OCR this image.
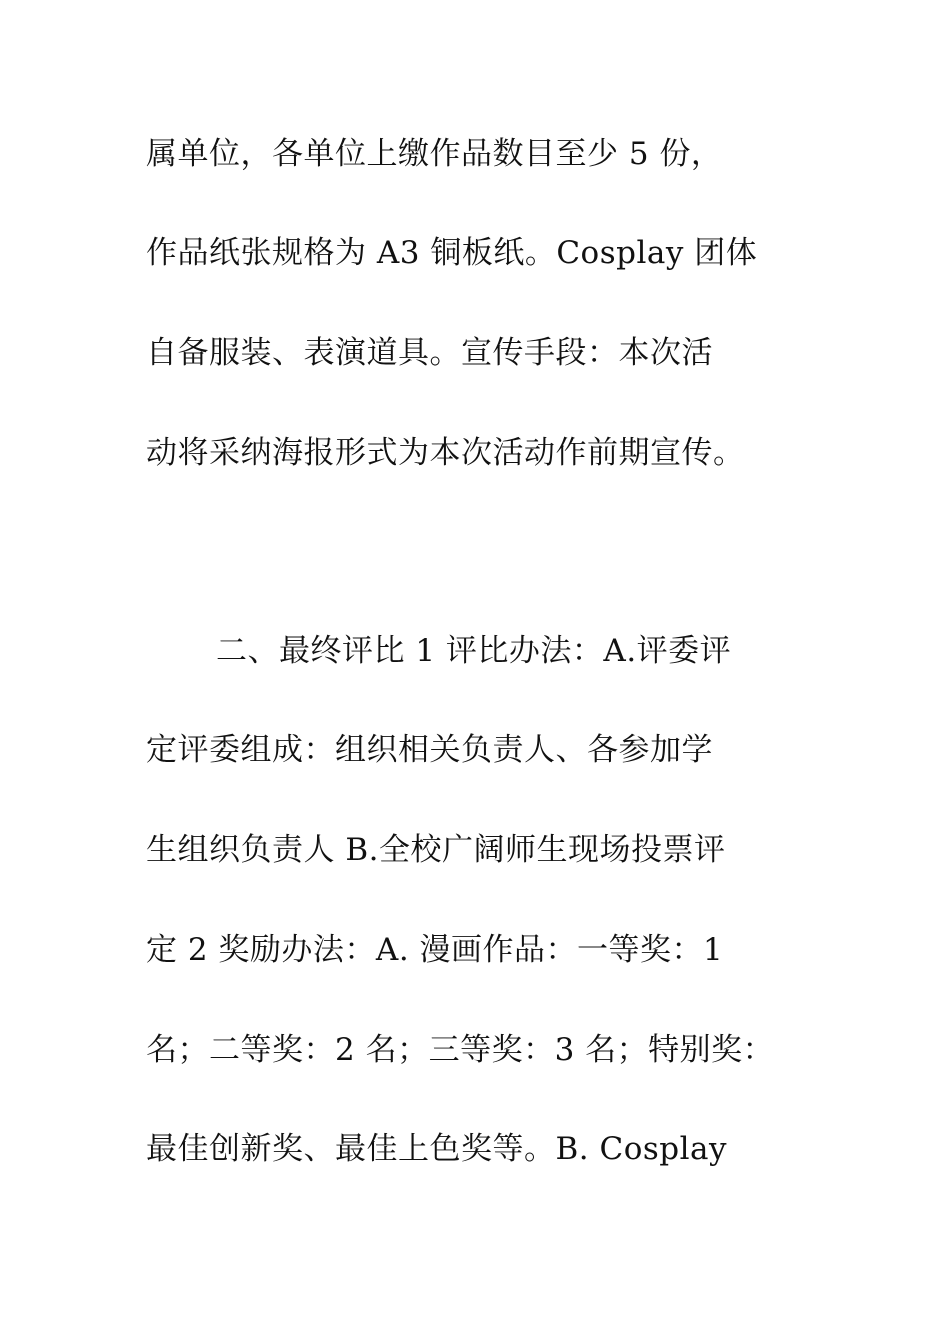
属单位，各单位上缴作品数目至少 5 份，
作品纸张规格为 A3 铜板纸。Cosplay 团体
自备服装、表演道具。宣传手段：本次活
动将采纳海报形式为本次活动作前期宣传。
二、最终评比 1 评比办法：A.评委评
定评委组成：组织相关负责人、各参加学
生组织负责人 B.全校广阔师生现场投票评
定 2 奖励办法：A. 漫画作品：一等奖：1
名；二等奖：2 名；三等奖：3 名；特别奖：
最佳创新奖、最佳上色奖等。B. Cosplay
